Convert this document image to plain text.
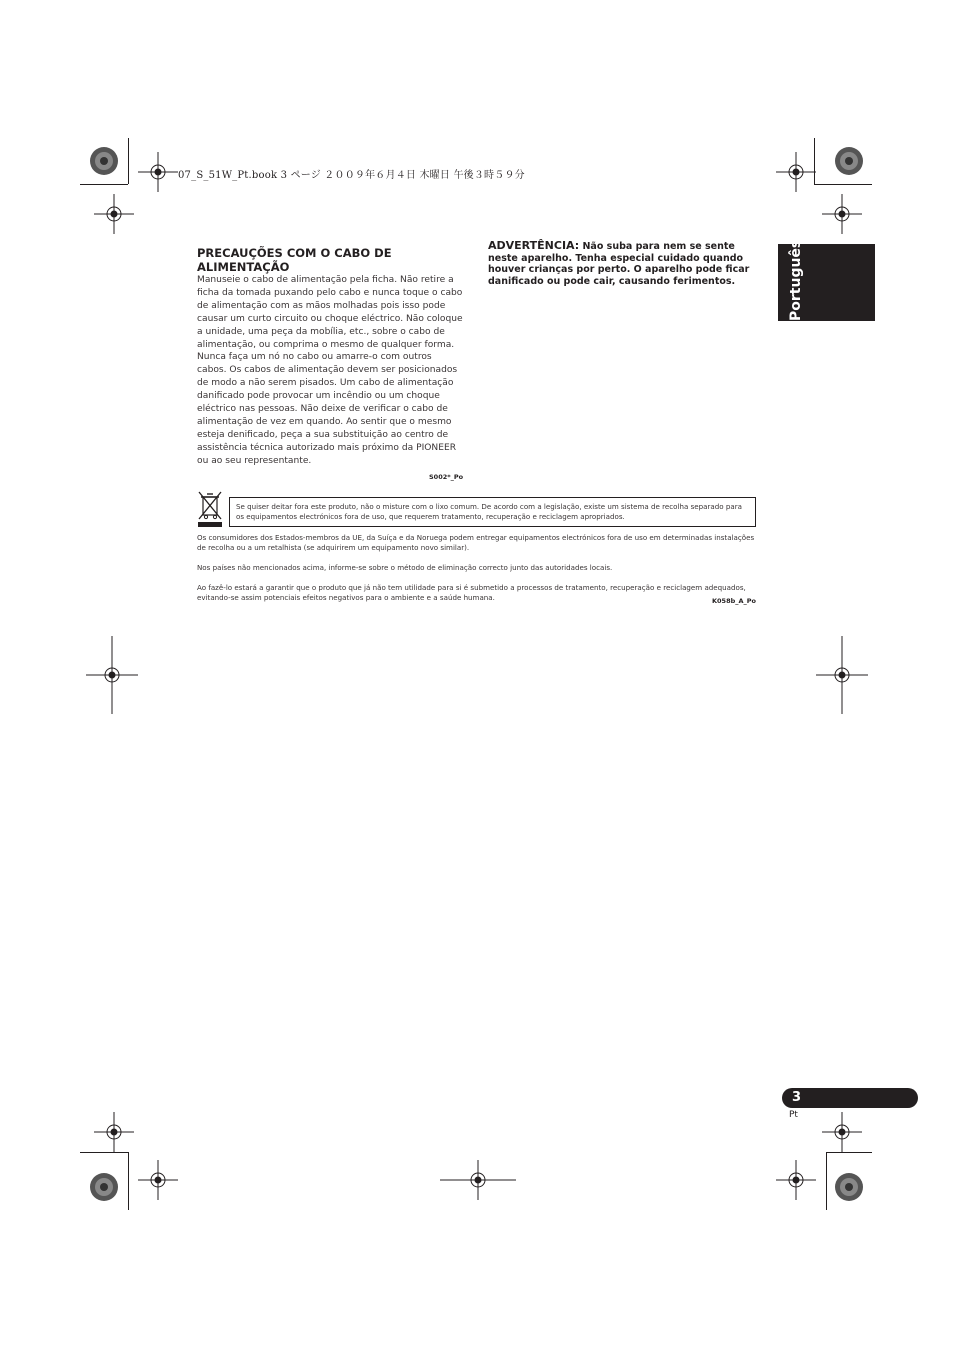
07_S_51W_Pt.book 3 ページ ２００９年６月４日 木曜日 午後３時５９分
Português
PRECAUÇÕES COM O CABO DE ALIMENTAÇÃO
Manuseie o cabo de alimentação pela ficha. Não retire a ficha da tomada puxando pelo cabo e nunca toque o cabo de alimentação com as mãos molhadas pois isso pode causar um curto circuito ou choque eléctrico. Não coloque a unidade, uma peça da mobília, etc., sobre o cabo de alimentação, ou comprima o mesmo de qualquer forma. Nunca faça um nó no cabo ou amarre-o com outros cabos. Os cabos de alimentação devem ser posicionados de modo a não serem pisados. Um cabo de alimentação danificado pode provocar um incêndio ou um choque eléctrico nas pessoas. Não deixe de verificar o cabo de alimentação de vez em quando. Ao sentir que o mesmo esteja denificado, peça a sua substituição ao centro de assistência técnica autorizado mais próximo da PIONEER ou ao seu representante.
S002*_Po
ADVERTÊNCIA: Não suba para nem se sente neste aparelho. Tenha especial cuidado quando houver crianças por perto. O aparelho pode ficar danificado ou pode cair, causando ferimentos.
Se quiser deitar fora este produto, não o misture com o lixo comum. De acordo com a legislação, existe um sistema de recolha separado para os equipamentos electrónicos fora de uso, que requerem tratamento, recuperação e reciclagem apropriados.
Os consumidores dos Estados-membros da UE, da Suíça e da Noruega podem entregar equipamentos electrónicos fora de uso em determinadas instalações de recolha ou a um retalhista (se adquirirem um equipamento novo similar).
Nos países não mencionados acima, informe-se sobre o método de eliminação correcto junto das autoridades locais.
Ao fazê-lo estará a garantir que o produto que já não tem utilidade para si é submetido a processos de tratamento, recuperação e reciclagem adequados, evitando-se assim potenciais efeitos negativos para o ambiente e a saúde humana.	K058b_A_Po
3
Pt
